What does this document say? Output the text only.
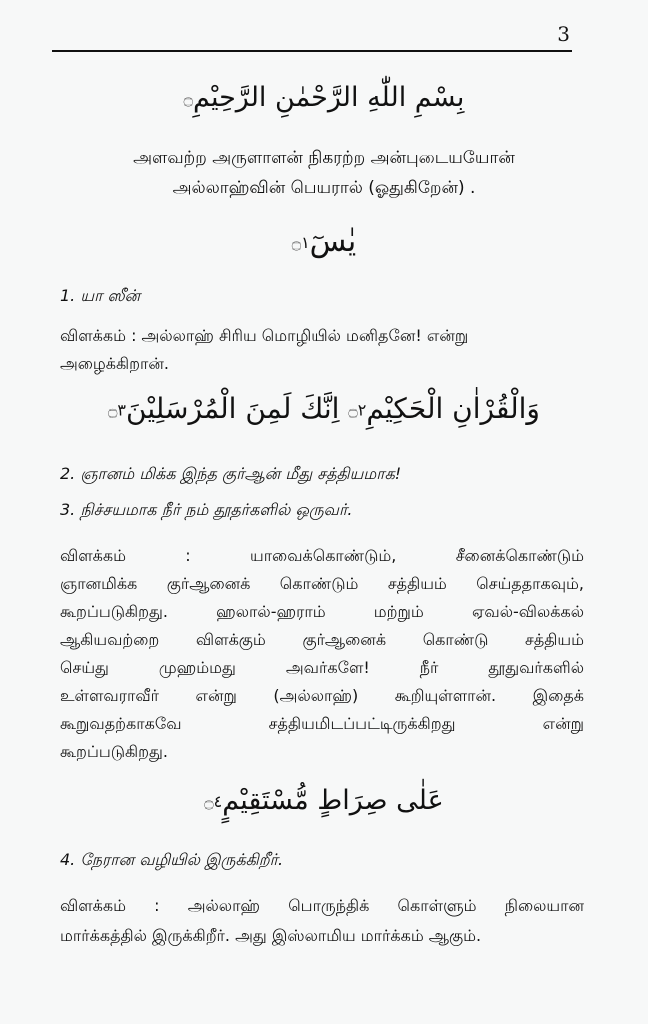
3
بِسْمِ اللّٰهِ الرَّحْمٰنِ الرَّحِيْمِ۝
அளவற்ற அருளாளன் நிகரற்ற அன்புடையயோன்
அல்லாஹ்வின் பெயரால் (ஓதுகிறேன்) .
يٰسٓ۝١
1. யா ஸீன்
விளக்கம் : அல்லாஹ் சிரிய மொழியில் மனிதனே! என்று
அழைக்கிறான்.
وَالْقُرْاٰنِ الْحَكِيْمِ۝٢ اِنَّكَ لَمِنَ الْمُرْسَلِيْنَ۝٣
2. ஞானம் மிக்க இந்த குர்ஆன் மீது சத்தியமாக!
3. நிச்சயமாக நீர் நம் தூதர்களில் ஒருவர்.
விளக்கம் : யாவைக்கொண்டும், சீனைக்கொண்டும்
ஞானமிக்க குர்ஆனைக் கொண்டும் சத்தியம் செய்ததாகவும்,
கூறப்படுகிறது. ஹலால்-ஹராம் மற்றும் ஏவல்-விலக்கல்
ஆகியவற்றை விளக்கும் குர்ஆனைக் கொண்டு சத்தியம்
செய்து முஹம்மது அவர்களே! நீர் தூதுவர்களில்
உள்ளவராவீர் என்று (அல்லாஹ்) கூறியுள்ளான். இதைக்
கூறுவதற்காகவே சத்தியமிடப்பட்டிருக்கிறது என்று
கூறப்படுகிறது.
عَلٰى صِرَاطٍ مُّسْتَقِيْمٍ۝٤
4. நேரான வழியில் இருக்கிறீர்.
விளக்கம் : அல்லாஹ் பொருந்திக் கொள்ளும் நிலையான
மார்க்கத்தில் இருக்கிறீர். அது இஸ்லாமிய மார்க்கம் ஆகும்.
